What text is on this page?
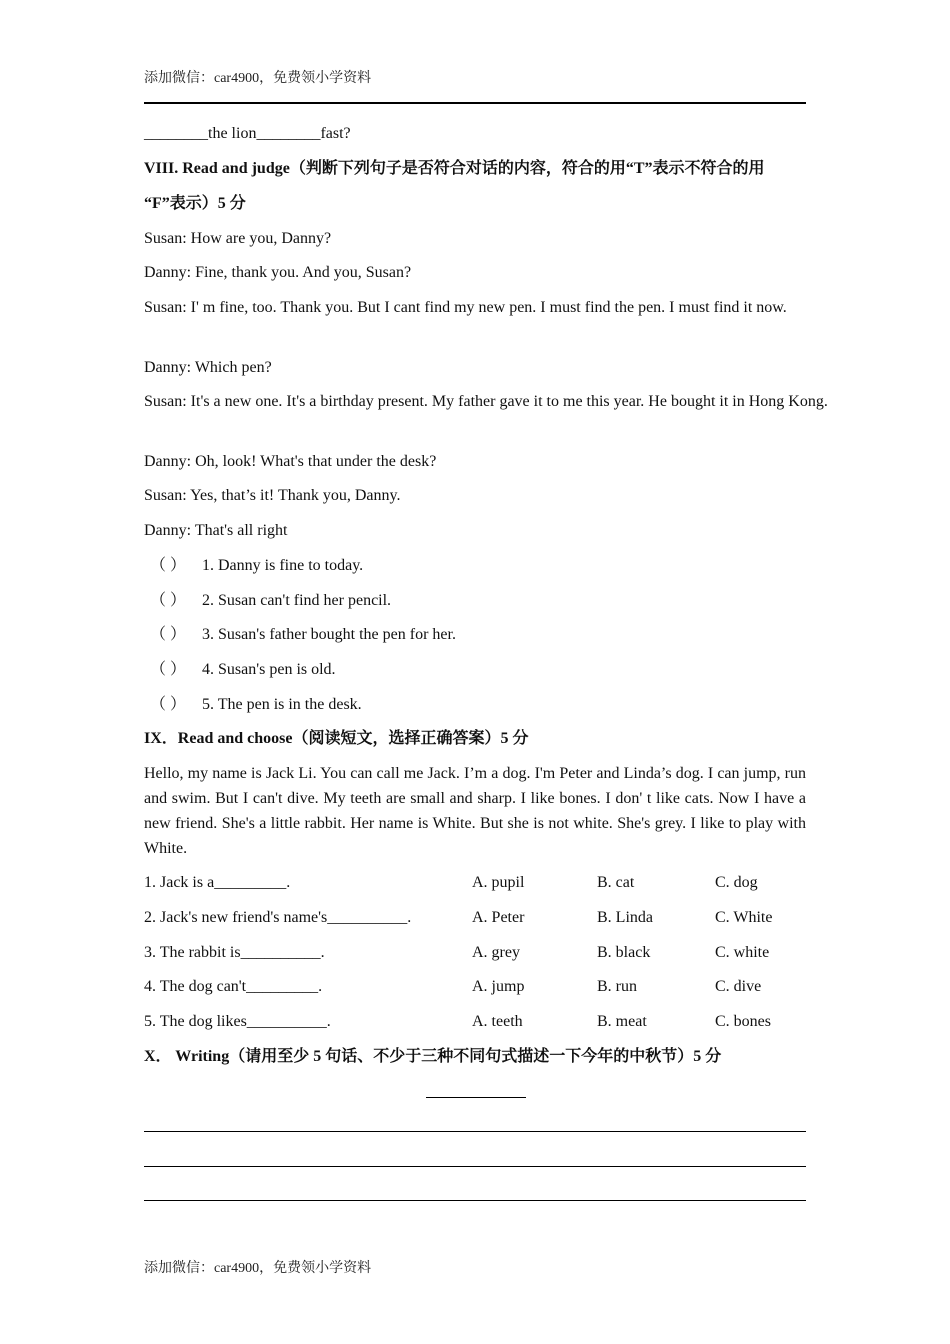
添加微信：car4900，免费领小学资料
________the lion________fast?
VIII. Read and judge（判断下列句子是否符合对话的内容，符合的用“T”表示不符合的用
“F”表示）5 分
Susan: How are you, Danny?
Danny: Fine, thank you. And you, Susan?
Susan: I' m fine, too. Thank you. But I cant find my new pen. I must find the pen. I must find it now.
Danny: Which pen?
Susan: It's a new one. It's a birthday present. My father gave it to me this year. He bought it in Hong Kong.
Danny: Oh, look! What's that under the desk?
Susan: Yes, that’s it! Thank you, Danny.
Danny: That's all right
（ ） 1. Danny is fine to today.
（ ） 2. Susan can't find her pencil.
（ ） 3. Susan's father bought the pen for her.
（ ） 4. Susan's pen is old.
（ ） 5. The pen is in the desk.
IX．Read and choose（阅读短文，选择正确答案）5 分
Hello, my name is Jack Li. You can call me Jack. I’m a dog. I'm Peter and Linda’s dog. I can jump, run and swim. But I can't dive. My teeth are small and sharp. I like bones. I don' t like cats. Now I have a new friend. She's a little rabbit. Her name is White. But she is not white. She's grey. I like to play with White.
1. Jack is a_________.	A. pupil	B. cat	C. dog
2. Jack's new friend's name's__________.	A. Peter	B. Linda	C. White
3. The rabbit is__________.	A. grey	B. black	C. white
4. The dog can't_________.	A. jump	B. run	C. dive
5. The dog likes__________.	A. teeth	B. meat	C. bones
X． Writing（请用至少 5 句话、不少于三种不同句式描述一下今年的中秋节）5 分
添加微信：car4900，免费领小学资料
